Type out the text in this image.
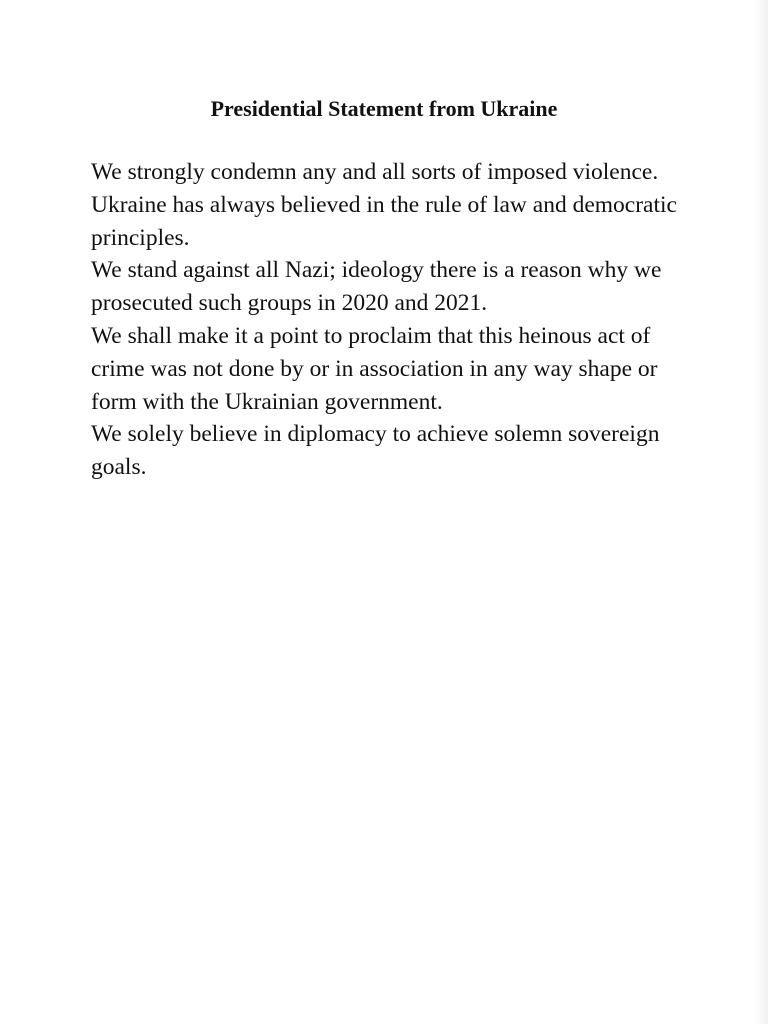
Presidential Statement from Ukraine

We strongly condemn any and all sorts of imposed violence. Ukraine has always believed in the rule of law and democratic principles.

We stand against all Nazi; ideology there is a reason why we prosecuted such groups in 2020 and 2021.

We shall make it a point to proclaim that this heinous act of crime was not done by or in association in any way shape or form with the Ukrainian government.

We solely believe in diplomacy to achieve solemn sovereign goals.
